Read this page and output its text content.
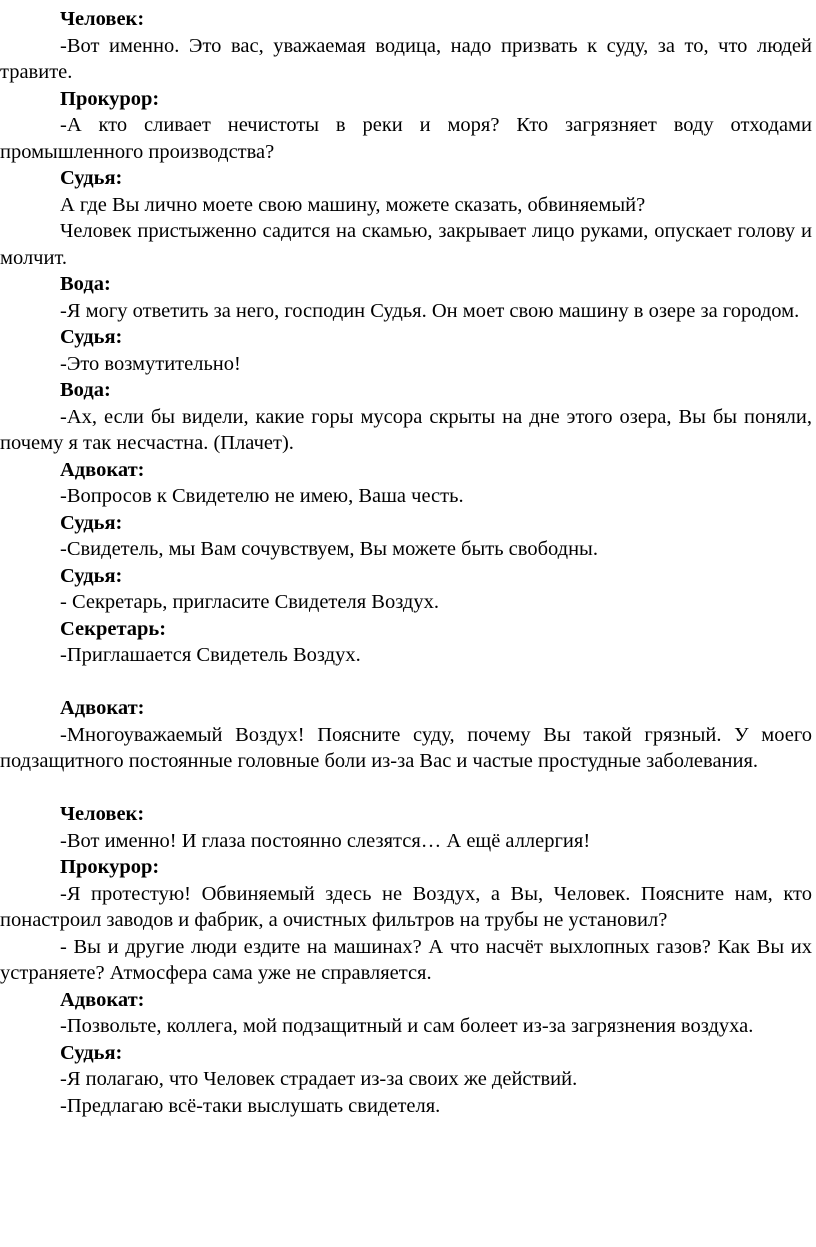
Человек:

-Вот именно. Это вас, уважаемая водица, надо призвать к суду, за то, что людей травите.

Прокурор:

-А кто сливает нечистоты в реки и моря? Кто загрязняет воду отходами промышленного производства?

Судья:

А где Вы лично моете свою машину, можете сказать, обвиняемый?

Человек пристыженно садится на скамью, закрывает лицо руками, опускает голову и молчит.

Вода:

-Я могу ответить за него, господин Судья. Он моет свою машину в озере за городом.

Судья:

-Это возмутительно!

Вода:

-Ах, если бы видели, какие горы мусора скрыты на дне этого озера, Вы бы поняли, почему я так несчастна. (Плачет).

Адвокат:

-Вопросов к Свидетелю не имею, Ваша честь.

Судья:

-Свидетель, мы Вам сочувствуем, Вы можете быть свободны.

Судья:

- Секретарь, пригласите Свидетеля Воздух.

Секретарь:

-Приглашается Свидетель Воздух.

Адвокат:

-Многоуважаемый Воздух! Поясните суду, почему Вы такой грязный. У моего подзащитного постоянные головные боли из-за Вас и частые простудные заболевания.

Человек:

-Вот именно! И глаза постоянно слезятся… А ещё аллергия!

Прокурор:

-Я протестую! Обвиняемый здесь не Воздух, а Вы, Человек. Поясните нам, кто понастроил заводов и фабрик, а очистных фильтров на трубы не установил?

- Вы и другие люди ездите на машинах? А что насчёт выхлопных газов? Как Вы их устраняете? Атмосфера сама уже не справляется.

Адвокат:

-Позвольте, коллега, мой подзащитный и сам болеет из-за загрязнения воздуха.

Судья:

-Я полагаю, что Человек страдает из-за своих же действий.

-Предлагаю всё-таки выслушать свидетеля.
